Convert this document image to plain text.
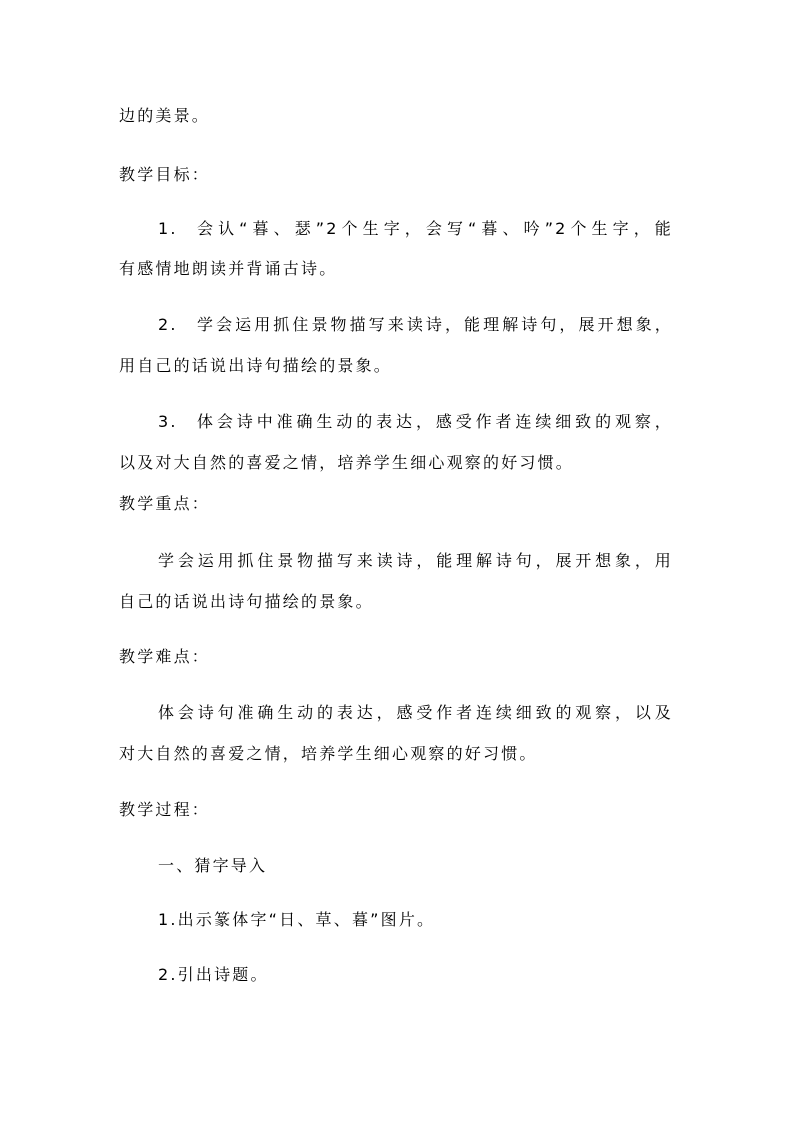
边的美景。
教学目标：
1. 会认“暮、瑟”2个生字，会写“暮、吟”2个生字，能
有感情地朗读并背诵古诗。
2. 学会运用抓住景物描写来读诗，能理解诗句，展开想象，
用自己的话说出诗句描绘的景象。
3. 体会诗中准确生动的表达，感受作者连续细致的观察，
以及对大自然的喜爱之情，培养学生细心观察的好习惯。
教学重点：
学会运用抓住景物描写来读诗，能理解诗句，展开想象，用
自己的话说出诗句描绘的景象。
教学难点：
体会诗句准确生动的表达，感受作者连续细致的观察，以及
对大自然的喜爱之情，培养学生细心观察的好习惯。
教学过程：
一、猜字导入
1.出示篆体字“日、草、暮”图片。
2.引出诗题。
